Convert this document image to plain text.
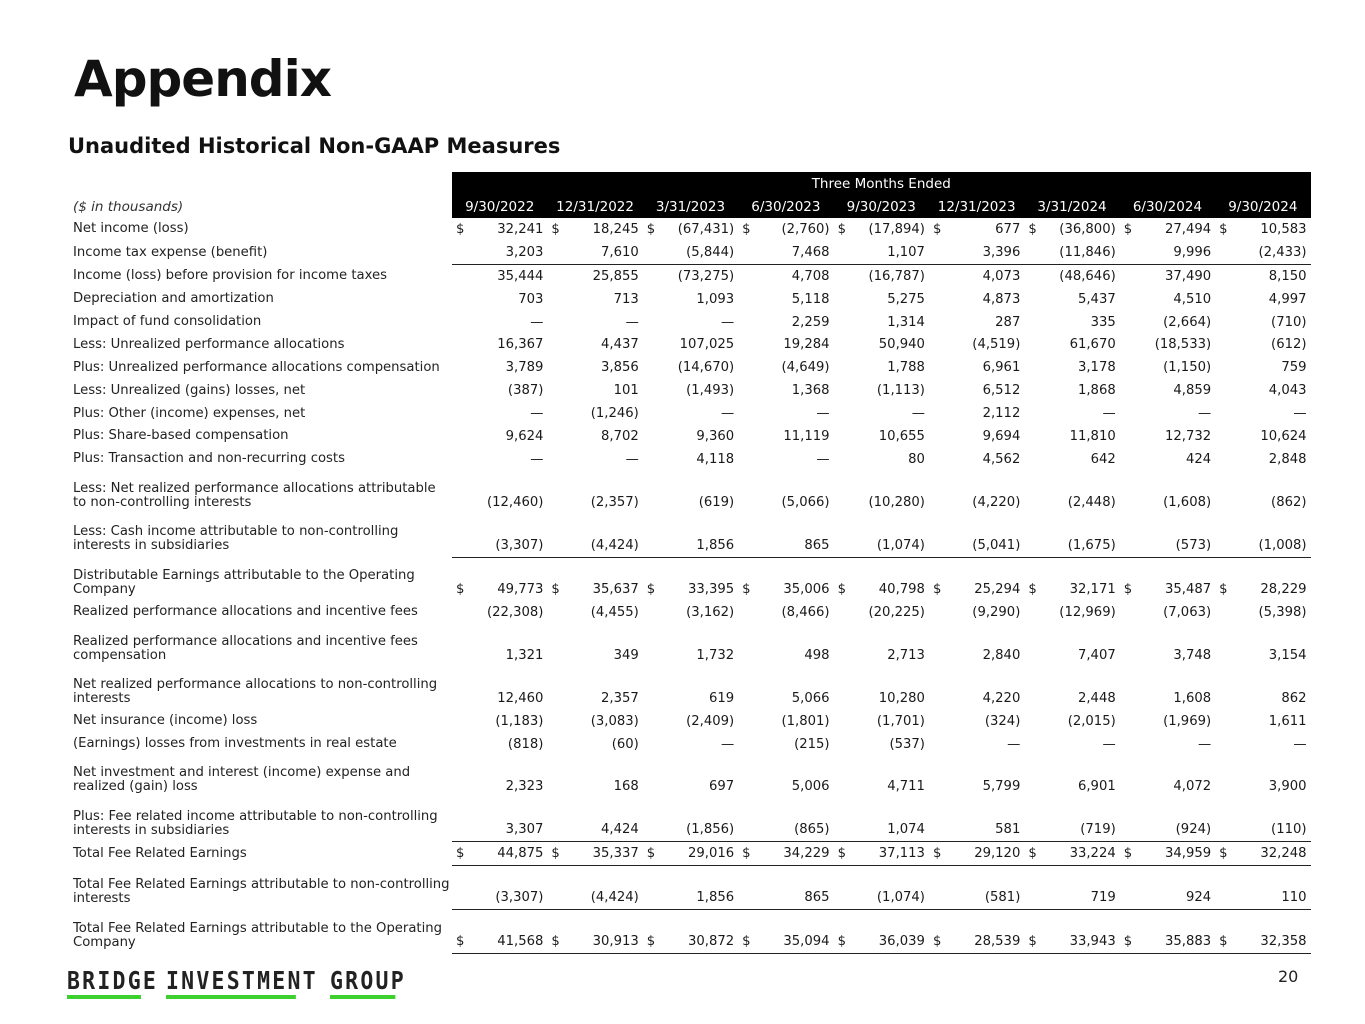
Appendix
Unaudited Historical Non-GAAP Measures
	Three Months Ended																	
($ in thousands)	9/30/2022		12/31/2022		3/31/2023		6/30/2023		9/30/2023		12/31/2023		3/31/2024		6/30/2024		9/30/2024	
Net income (loss)	$	32,241	$	18,245	$	(67,431)	$	(2,760)	$	(17,894)	$	677	$	(36,800)	$	27,494	$	10,583
Income tax expense (benefit)		3,203		7,610		(5,844)		7,468		1,107		3,396		(11,846)		9,996		(2,433)
Income (loss) before provision for income taxes		35,444		25,855		(73,275)		4,708		(16,787)		4,073		(48,646)		37,490		8,150
Depreciation and amortization		703		713		1,093		5,118		5,275		4,873		5,437		4,510		4,997
Impact of fund consolidation		—		—		—		2,259		1,314		287		335		(2,664)		(710)
Less: Unrealized performance allocations		16,367		4,437		107,025		19,284		50,940		(4,519)		61,670		(18,533)		(612)
Plus: Unrealized performance allocations compensation		3,789		3,856		(14,670)		(4,649)		1,788		6,961		3,178		(1,150)		759
Less: Unrealized (gains) losses, net		(387)		101		(1,493)		1,368		(1,113)		6,512		1,868		4,859		4,043
Plus: Other (income) expenses, net		—		(1,246)		—		—		—		2,112		—		—		—
Plus: Share-based compensation		9,624		8,702		9,360		11,119		10,655		9,694		11,810		12,732		10,624
Plus: Transaction and non-recurring costs		—		—		4,118		—		80		4,562		642		424		2,848
Less: Net realized performance allocations attributable to non-controlling interests		(12,460)		(2,357)		(619)		(5,066)		(10,280)		(4,220)		(2,448)		(1,608)		(862)
Less: Cash income attributable to non-controlling interests in subsidiaries		(3,307)		(4,424)		1,856		865		(1,074)		(5,041)		(1,675)		(573)		(1,008)
Distributable Earnings attributable to the Operating Company	$	49,773	$	35,637	$	33,395	$	35,006	$	40,798	$	25,294	$	32,171	$	35,487	$	28,229
Realized performance allocations and incentive fees		(22,308)		(4,455)		(3,162)		(8,466)		(20,225)		(9,290)		(12,969)		(7,063)		(5,398)
Realized performance allocations and incentive fees compensation		1,321		349		1,732		498		2,713		2,840		7,407		3,748		3,154
Net realized performance allocations to non-controlling interests		12,460		2,357		619		5,066		10,280		4,220		2,448		1,608		862
Net insurance (income) loss		(1,183)		(3,083)		(2,409)		(1,801)		(1,701)		(324)		(2,015)		(1,969)		1,611
(Earnings) losses from investments in real estate		(818)		(60)		—		(215)		(537)		—		—		—		—
Net investment and interest (income) expense and realized (gain) loss		2,323		168		697		5,006		4,711		5,799		6,901		4,072		3,900
Plus: Fee related income attributable to non-controlling interests in subsidiaries		3,307		4,424		(1,856)		(865)		1,074		581		(719)		(924)		(110)
Total Fee Related Earnings	$	44,875	$	35,337	$	29,016	$	34,229	$	37,113	$	29,120	$	33,224	$	34,959	$	32,248
Total Fee Related Earnings attributable to non-controlling interests		(3,307)		(4,424)		1,856		865		(1,074)		(581)		719		924		110
Total Fee Related Earnings attributable to the Operating Company	$	41,568	$	30,913	$	30,872	$	35,094	$	36,039	$	28,539	$	33,943	$	35,883	$	32,358
BRIDGE INVESTMENT GROUP	20
